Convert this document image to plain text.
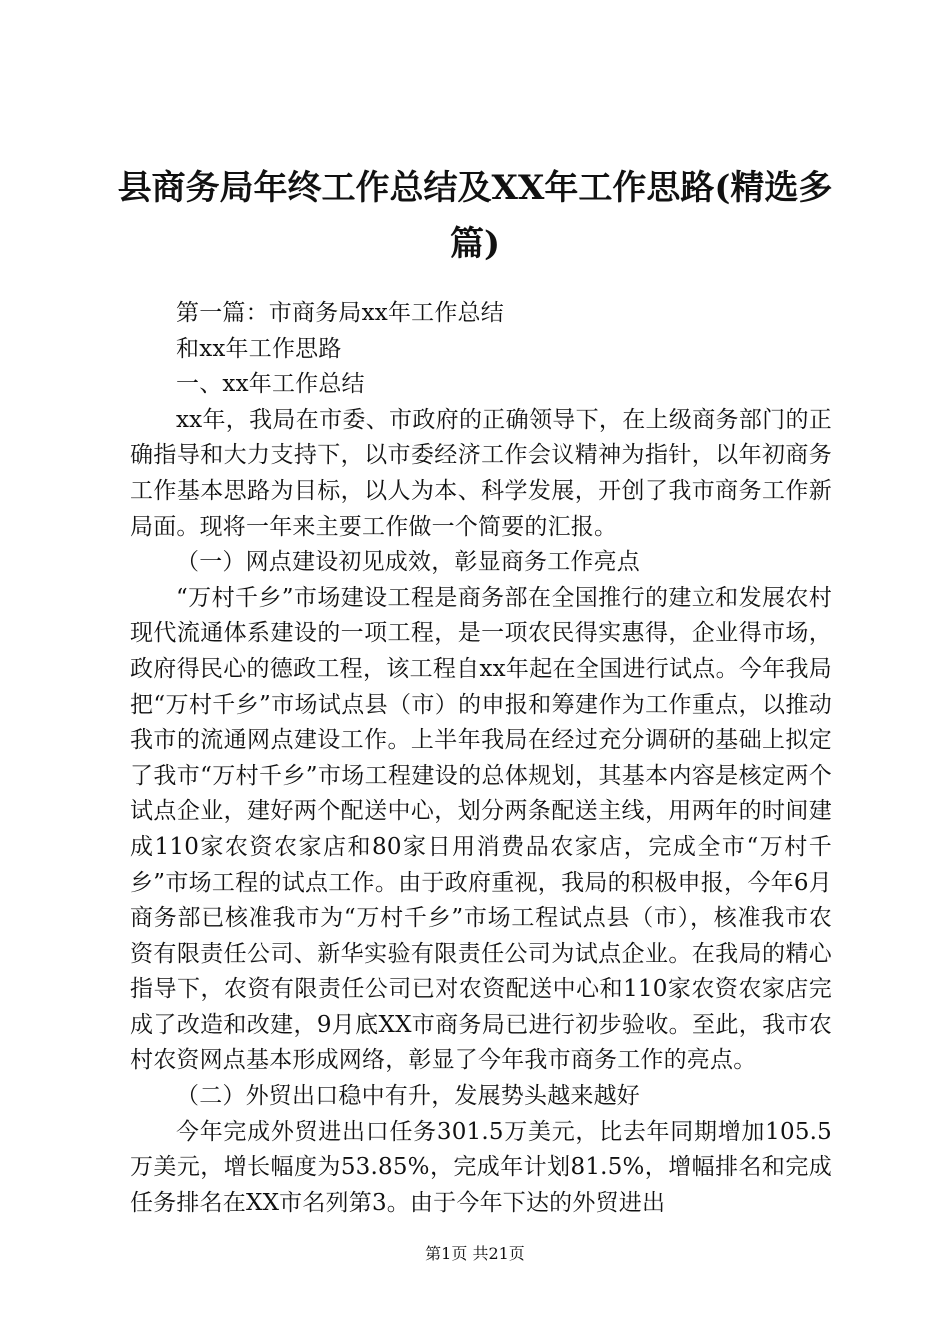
县商务局年终工作总结及XX年工作思路(精选多篇)

第一篇：市商务局xx年工作总结

和xx年工作思路

一、xx年工作总结

xx年，我局在市委、市政府的正确领导下，在上级商务部门的正确指导和大力支持下，以市委经济工作会议精神为指针，以年初商务工作基本思路为目标，以人为本、科学发展，开创了我市商务工作新局面。现将一年来主要工作做一个简要的汇报。

（一）网点建设初见成效，彰显商务工作亮点

“万村千乡”市场建设工程是商务部在全国推行的建立和发展农村现代流通体系建设的一项工程，是一项农民得实惠得，企业得市场，政府得民心的德政工程，该工程自xx年起在全国进行试点。今年我局把“万村千乡”市场试点县（市）的申报和筹建作为工作重点，以推动我市的流通网点建设工作。上半年我局在经过充分调研的基础上拟定了我市“万村千乡”市场工程建设的总体规划，其基本内容是核定两个试点企业，建好两个配送中心，划分两条配送主线，用两年的时间建成110家农资农家店和80家日用消费品农家店，完成全市“万村千乡”市场工程的试点工作。由于政府重视，我局的积极申报，今年6月商务部已核准我市为“万村千乡”市场工程试点县（市），核准我市农资有限责任公司、新华实验有限责任公司为试点企业。在我局的精心指导下，农资有限责任公司已对农资配送中心和110家农资农家店完成了改造和改建，9月底XX市商务局已进行初步验收。至此，我市农村农资网点基本形成网络，彰显了今年我市商务工作的亮点。

（二）外贸出口稳中有升，发展势头越来越好

今年完成外贸进出口任务301.5万美元，比去年同期增加105.5万美元，增长幅度为53.85%，完成年计划81.5%，增幅排名和完成任务排名在XX市名列第3。由于今年下达的外贸进出

第1页 共21页
